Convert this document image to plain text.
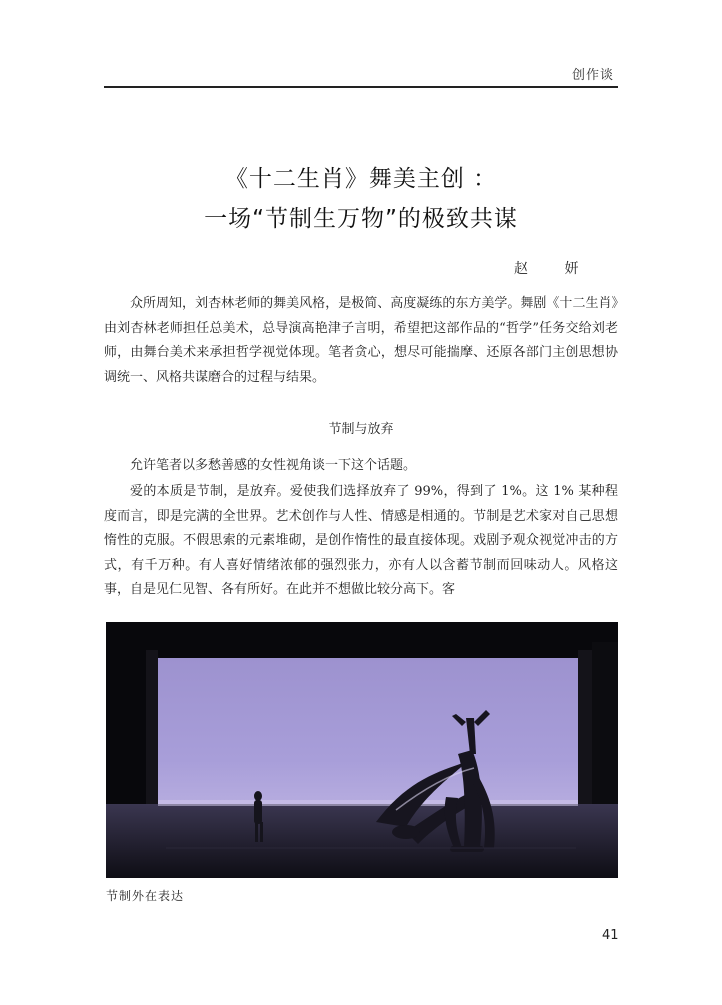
创作谈
《十二生肖》舞美主创 ：
一场“节制生万物”的极致共谋
赵 妍

众所周知，刘杏林老师的舞美风格，是极简、高度凝练的东方美学。舞剧《十二生肖》由刘杏林老师担任总美术，总导演高艳津子言明，希望把这部作品的“哲学”任务交给刘老师，由舞台美术来承担哲学视觉体现。笔者贪心，想尽可能揣摩、还原各部门主创思想协调统一、风格共谋磨合的过程与结果。

节制与放弃

允许笔者以多愁善感的女性视角谈一下这个话题。

爱的本质是节制，是放弃。爱使我们选择放弃了 99%，得到了 1%。这 1% 某种程度而言，即是完满的全世界。艺术创作与人性、情感是相通的。节制是艺术家对自己思想惰性的克服。不假思索的元素堆砌，是创作惰性的最直接体现。戏剧予观众视觉冲击的方式，有千万种。有人喜好情绪浓郁的强烈张力，亦有人以含蓄节制而回味动人。风格这事，自是见仁见智、各有所好。在此并不想做比较分高下。客

节制外在表达
41
